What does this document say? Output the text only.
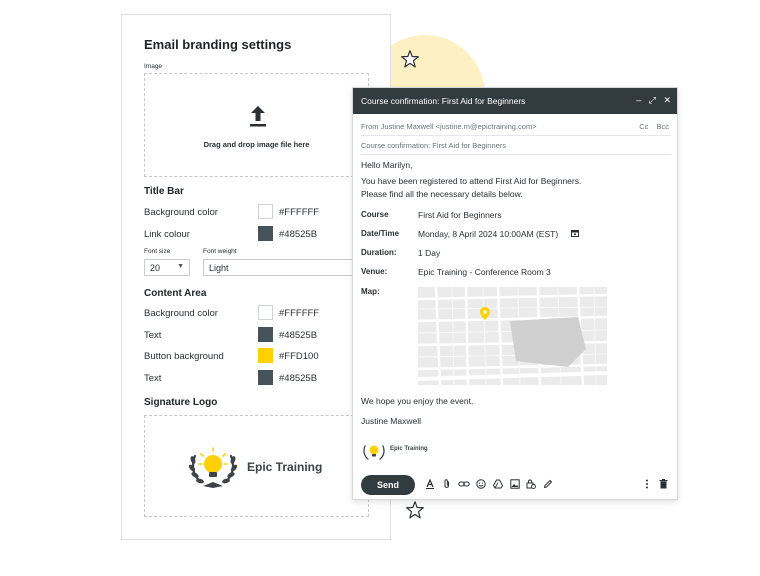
Email branding settings
Image
Drag and drop image file here
Title Bar
Background color	#FFFFFF
Link colour	#48525B
Font size	Font weight
20 ▼	Light
Content Area
Background color	#FFFFFF
Text	#48525B
Button background	#FFD100
Text	#48525B
Signature Logo
Epic Training
Course confirmation: First Aid for Beginners	– ⤢ ✕
From Justine Maxwell <justine.m@epictraining.com>	Cc Bcc
Course confirmation: First Aid for Beginners
Hello Marilyn,
You have been registered to attend First Aid for Beginners.
Please find all the necessary details below.
Course	First Aid for Beginners
Date/Time Monday, 8 April 2024 10:00AM (EST)
Duration:	1 Day
Venue:	Epic Training - Conference Room 3
Map:
We hope you enjoy the event.
Justine Maxwell
Epic Training
Send
